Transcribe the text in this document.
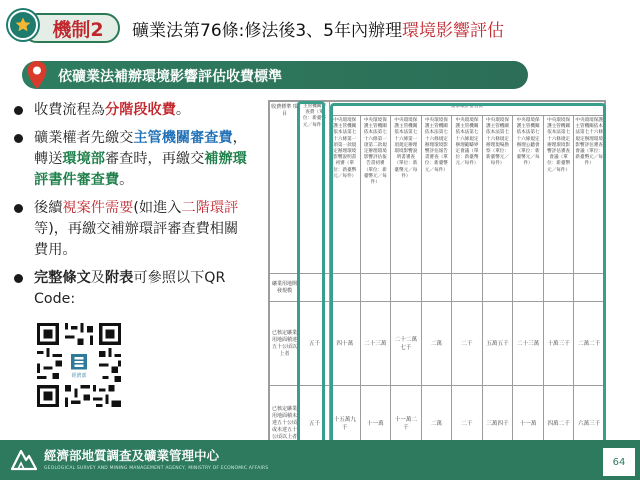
機制2	礦業法第76條:修法後3、5年內辦理環境影響評估
依礦業法補辦環境影響評估收費標準
收費流程為分階段收費。
礦業權者先繳交主管機關審查費，轉送環境部審查時，再繳交補辦環評書件審查費。
後續視案件需要(如進入二階環評等)，再繳交補辦環評審查費相關費用。
完整條文及附表可參照以下QR Code:
經濟部
收費標準 項目	主管機關審查費（單位：新臺幣元／每件）	補辦環評審查費								
		中央環境保護主管機關依本法第七十六條第一項第一款規定辦理環境影響說明書初審（單位：新臺幣元／每件）	中央環境保護主管機關依本法第七十六條第一項第二款規定辦理環境影響評估報告書初審（單位：新臺幣元／每件）	中央環境保護主管機關依本法第七十六條第一項規定辦理環境影響說明書審查（單位：新臺幣元／每件）	中央環境保護主管機關依本法第七十六條規定辦理環境影響評估報告書審查（單位：新臺幣元／每件）	中央環境保護主管機關依本法第七十六條規定辦理範疇界定會議（單位：新臺幣元／每件）	中央環境保護主管機關依本法第七十六條規定辦理現場勘察（單位：新臺幣元／每件）	中央環境保護主管機關依本法第七十六條規定辦理公聽會（單位：新臺幣元／每件）	中央環境保護主管機關依本法第七十六條規定辦理環境影響評估審查會議（單位：新臺幣元／每件）	中央環境保護主管機關依本法第七十六條規定辦理環境影響評估審查會議（單位：新臺幣元／每件）
礦業用地開發規模										
已核定礦業用地面積達五十公頃以上者	五千	四十萬	二十三萬	二十二萬七千	二萬	二千	五萬五千	二十三萬	十萬三千	二萬二千
已核定礦業用地面積未達五十公頃或未達五十公頃以上者	五千	十五萬九千	十一萬	十一萬二千	二萬	二千	三萬四千	十一萬	四萬二千	六萬三千
經濟部地質調查及礦業管理中心
GEOLOGICAL SURVEY AND MINING MANAGEMENT AGENCY, MINISTRY OF ECONOMIC AFFAIRS
64
